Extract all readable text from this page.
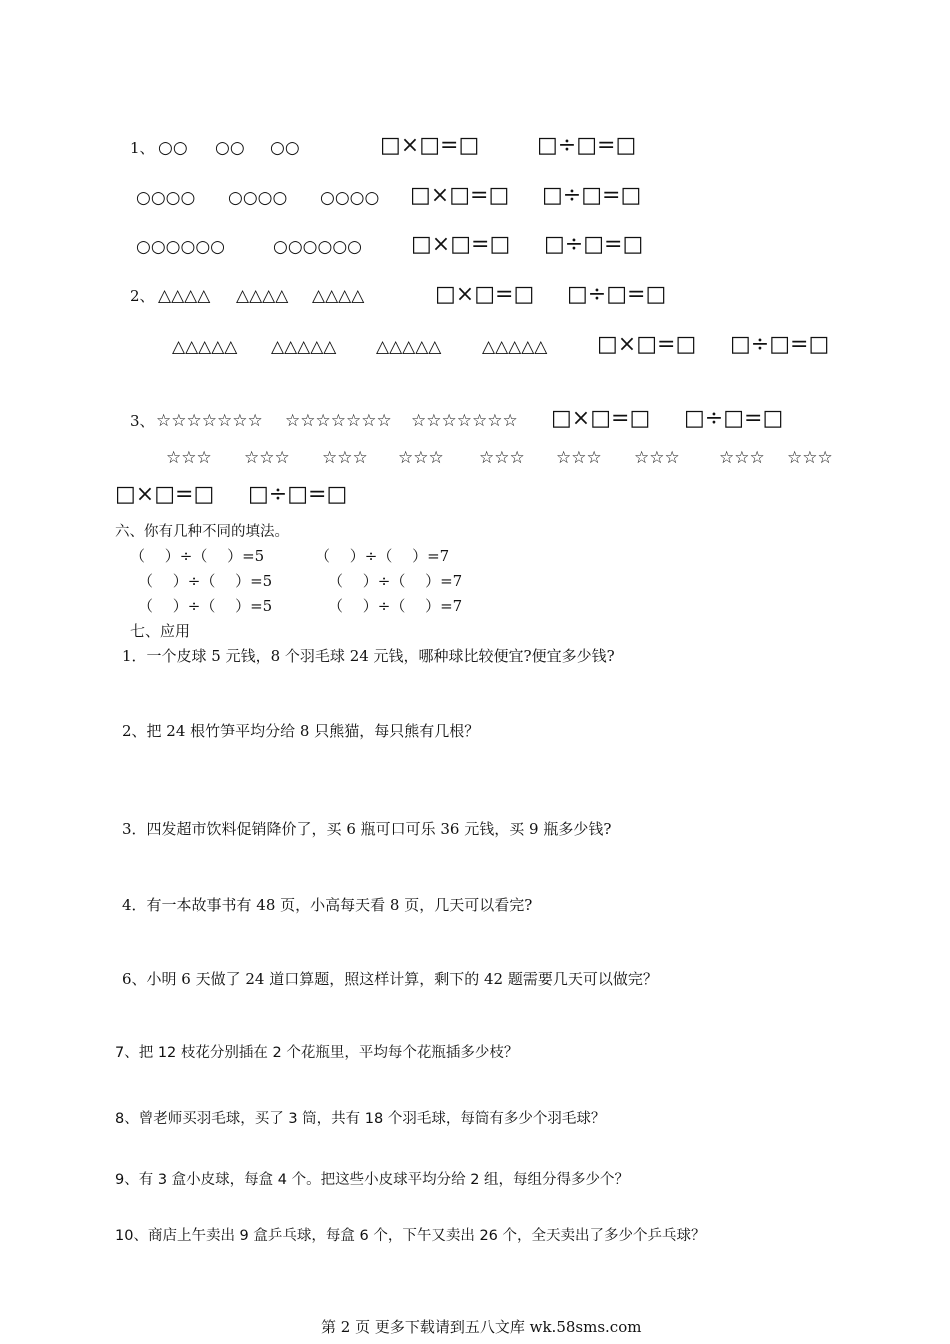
1、 ○○ ○○ ○○	□×□=□	□÷□=□
○○○○ ○○○○ ○○○○ □×□=□ □÷□=□
○○○○○○	○○○○○○ □×□=□ □÷□=□
2、 △△△△ △△△△ △△△△	□×□=□ □÷□=□
△△△△△ △△△△△ △△△△△ △△△△△ □×□=□ □÷□=□
3、 ☆☆☆☆☆☆☆ ☆☆☆☆☆☆☆ ☆☆☆☆☆☆☆ □×□=□ □÷□=□
☆☆☆ ☆☆☆ ☆☆☆ ☆☆☆ ☆☆☆ ☆☆☆ ☆☆☆ ☆☆☆ ☆☆☆
□×□=□ □÷□=□
六、你有几种不同的填法。
（　 ）÷（　 ）=5	（　 ）÷（　 ）=7
（　 ）÷（　 ）=5	（　 ）÷（　 ）=7
（　 ）÷（　 ）=5	（　 ）÷（　 ）=7
七、应用
1．一个皮球 5 元钱，8 个羽毛球 24 元钱，哪种球比较便宜?便宜多少钱?
2、把 24 根竹笋平均分给 8 只熊猫，每只熊有几根？
3．四发超市饮料促销降价了，买 6 瓶可口可乐 36 元钱，买 9 瓶多少钱?
4．有一本故事书有 48 页，小高每天看 8 页，几天可以看完?
6、小明 6 天做了 24 道口算题，照这样计算，剩下的 42 题需要几天可以做完？
7、把 12 枝花分别插在 2 个花瓶里，平均每个花瓶插多少枝？
8、曾老师买羽毛球，买了 3 筒，共有 18 个羽毛球，每筒有多少个羽毛球？
9、有 3 盒小皮球，每盒 4 个。把这些小皮球平均分给 2 组，每组分得多少个？
10、商店上午卖出 9 盒乒乓球，每盒 6 个，下午又卖出 26 个，全天卖出了多少个乒乓球？
第 2 页 更多下载请到五八文库 wk.58sms.com
